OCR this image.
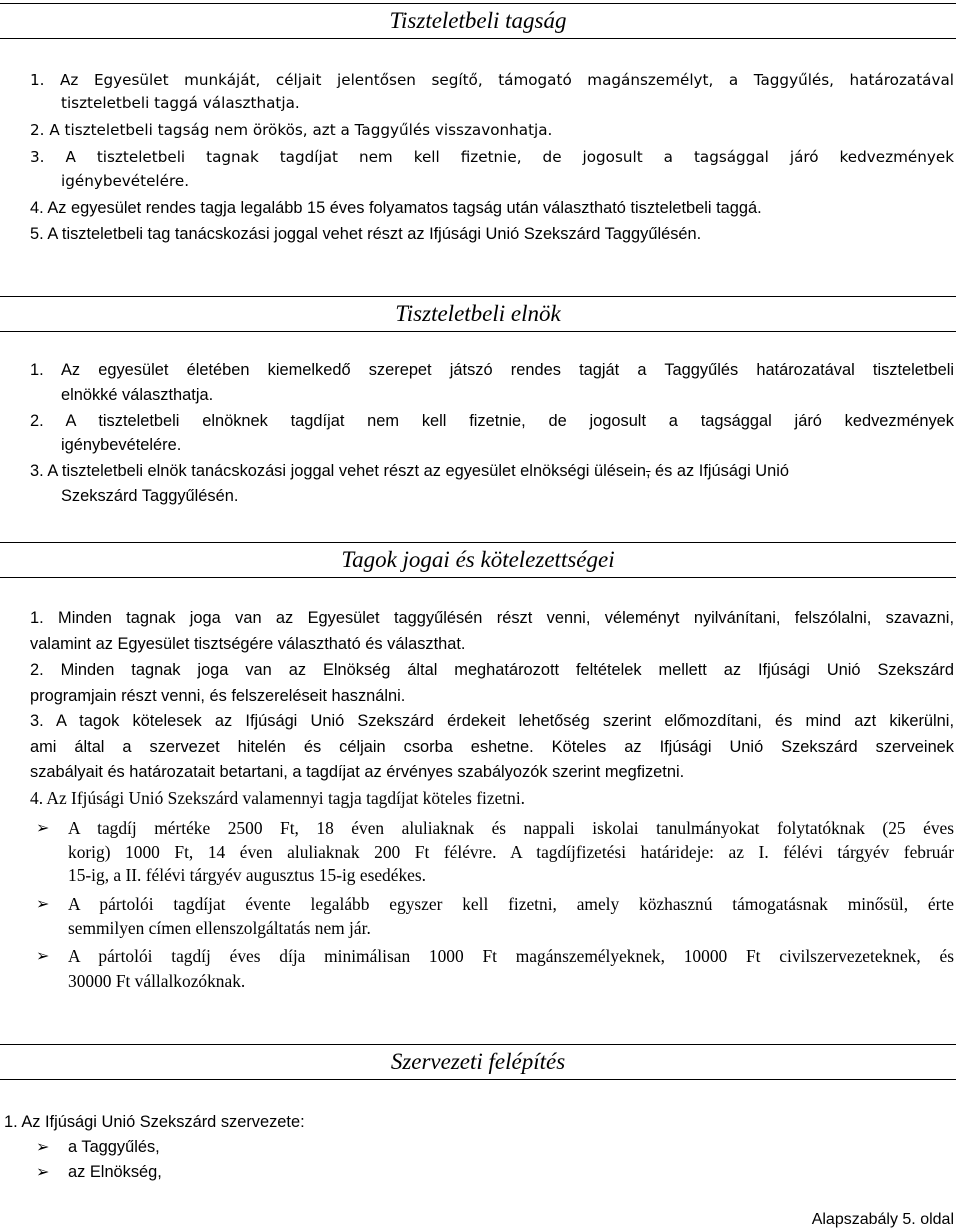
Tiszteletbeli tagság
1. Az Egyesület munkáját, céljait jelentősen segítő, támogató magánszemélyt, a Taggyűlés, határozatával
tiszteletbeli taggá választhatja.
2. A tiszteletbeli tagság nem örökös, azt a Taggyűlés visszavonhatja.
3. A tiszteletbeli tagnak tagdíjat nem kell fizetnie, de jogosult a tagsággal járó kedvezmények
igénybevételére.
4. Az egyesület rendes tagja legalább 15 éves folyamatos tagság után választható tiszteletbeli taggá.
5. A tiszteletbeli tag tanácskozási joggal vehet részt az Ifjúsági Unió Szekszárd Taggyűlésén.
Tiszteletbeli elnök
1. Az egyesület életében kiemelkedő szerepet játszó rendes tagját a Taggyűlés határozatával tiszteletbeli
elnökké választhatja.
2. A tiszteletbeli elnöknek tagdíjat nem kell fizetnie, de jogosult a tagsággal járó kedvezmények
igénybevételére.
3. A tiszteletbeli elnök tanácskozási joggal vehet részt az egyesület elnökségi ülésein, és az Ifjúsági Unió
Szekszárd Taggyűlésén.
Tagok jogai és kötelezettségei
1. Minden tagnak joga van az Egyesület taggyűlésén részt venni, véleményt nyilvánítani, felszólalni, szavazni,
valamint az Egyesület tisztségére választható és választhat.
2. Minden tagnak joga van az Elnökség által meghatározott feltételek mellett az Ifjúsági Unió Szekszárd
programjain részt venni, és felszereléseit használni.
3. A tagok kötelesek az Ifjúsági Unió Szekszárd érdekeit lehetőség szerint előmozdítani, és mind azt kikerülni,
ami által a szervezet hitelén és céljain csorba eshetne. Köteles az Ifjúsági Unió Szekszárd szerveinek
szabályait és határozatait betartani, a tagdíjat az érvényes szabályozók szerint megfizetni.
4. Az Ifjúsági Unió Szekszárd valamennyi tagja tagdíjat köteles fizetni.
➢ A tagdíj mértéke 2500 Ft, 18 éven aluliaknak és nappali iskolai tanulmányokat folytatóknak (25 éves
korig) 1000 Ft, 14 éven aluliaknak 200 Ft félévre. A tagdíjfizetési határideje: az I. félévi tárgyév február
15-ig, a II. félévi tárgyév augusztus 15-ig esedékes.
➢ A pártolói tagdíjat évente legalább egyszer kell fizetni, amely közhasznú támogatásnak minősül, érte
semmilyen címen ellenszolgáltatás nem jár.
➢ A pártolói tagdíj éves díja minimálisan 1000 Ft magánszemélyeknek, 10000 Ft civilszervezeteknek, és
30000 Ft vállalkozóknak.
Szervezeti felépítés
1. Az Ifjúsági Unió Szekszárd szervezete:
➢ a Taggyűlés,
➢ az Elnökség,
Alapszabály 5. oldal
